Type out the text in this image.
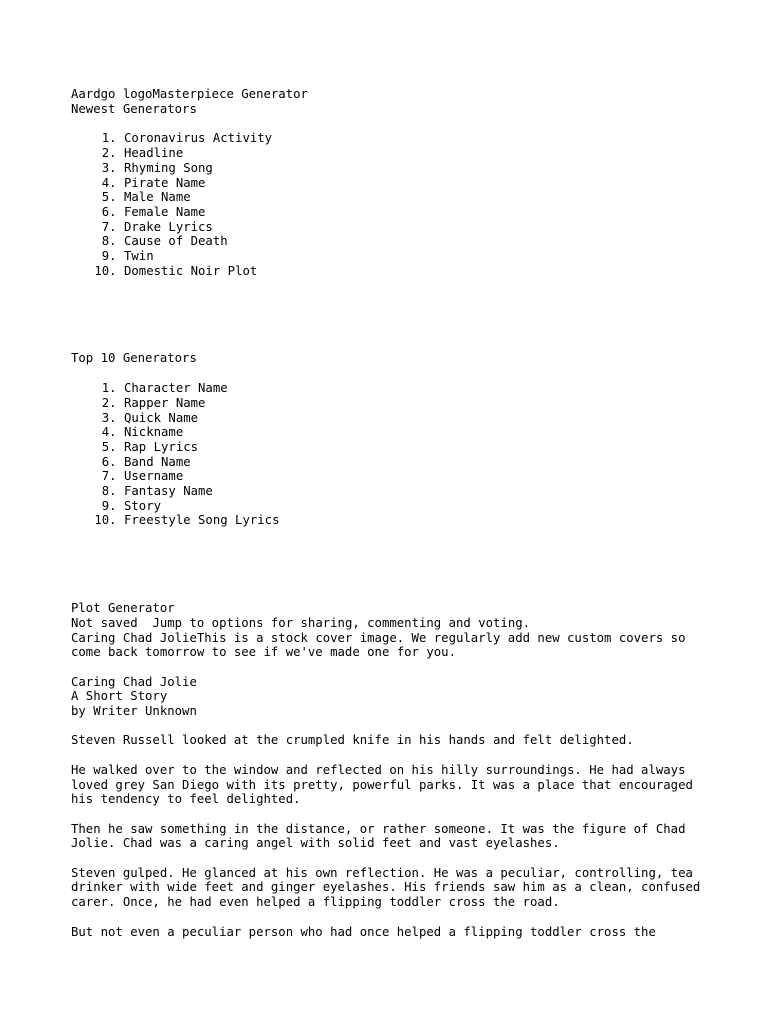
Aardgo logoMasterpiece Generator
Newest Generators
1. Coronavirus Activity
2. Headline
3. Rhyming Song
4. Pirate Name
5. Male Name
6. Female Name
7. Drake Lyrics
8. Cause of Death
9. Twin
10. Domestic Noir Plot
Top 10 Generators
1. Character Name
2. Rapper Name
3. Quick Name
4. Nickname
5. Rap Lyrics
6. Band Name
7. Username
8. Fantasy Name
9. Story
10. Freestyle Song Lyrics
Plot Generator
Not saved Jump to options for sharing, commenting and voting.

Caring Chad JolieThis is a stock cover image. We regularly add new custom covers so come back tomorrow to see if we've made one for you.

Caring Chad Jolie
A Short Story
by Writer Unknown

Steven Russell looked at the crumpled knife in his hands and felt delighted.

He walked over to the window and reflected on his hilly surroundings. He had always loved grey San Diego with its pretty, powerful parks. It was a place that encouraged his tendency to feel delighted.

Then he saw something in the distance, or rather someone. It was the figure of Chad Jolie. Chad was a caring angel with solid feet and vast eyelashes.

Steven gulped. He glanced at his own reflection. He was a peculiar, controlling, tea drinker with wide feet and ginger eyelashes. His friends saw him as a clean, confused carer. Once, he had even helped a flipping toddler cross the road.

But not even a peculiar person who had once helped a flipping toddler cross the
